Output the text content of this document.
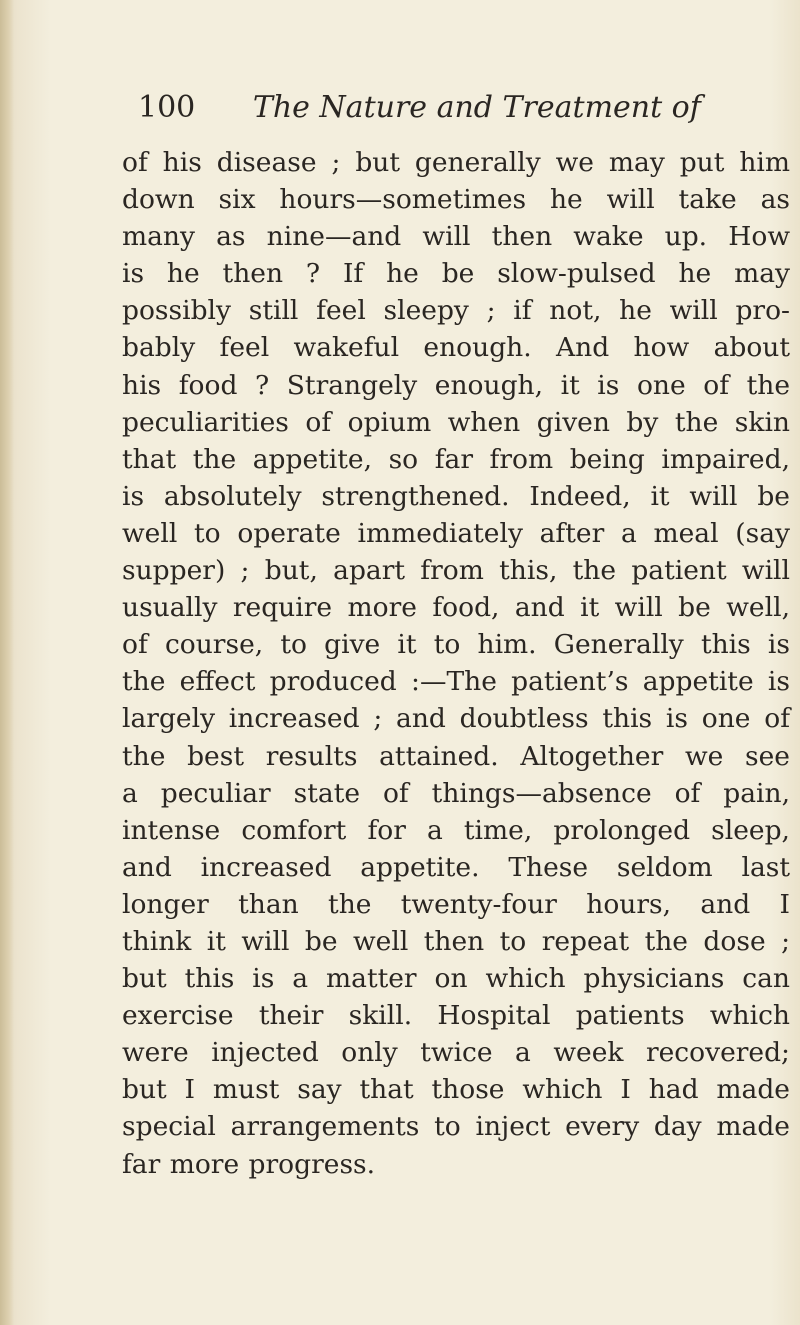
100 The Nature and Treatment of
of his disease ; but generally we may put him
down six hours—sometimes he will take as
many as nine—and will then wake up. How
is he then ? If he be slow-pulsed he may
possibly still feel sleepy ; if not, he will pro-
bably feel wakeful enough. And how about
his food ? Strangely enough, it is one of the
peculiarities of opium when given by the skin
that the appetite, so far from being impaired,
is absolutely strengthened. Indeed, it will be
well to operate immediately after a meal (say
supper) ; but, apart from this, the patient will
usually require more food, and it will be well,
of course, to give it to him. Generally this is
the effect produced :—The patient’s appetite is
largely increased ; and doubtless this is one of
the best results attained. Altogether we see
a peculiar state of things—absence of pain,
intense comfort for a time, prolonged sleep,
and increased appetite. These seldom last
longer than the twenty-four hours, and I
think it will be well then to repeat the dose ;
but this is a matter on which physicians can
exercise their skill. Hospital patients which
were injected only twice a week recovered;
but I must say that those which I had made
special arrangements to inject every day made
far more progress.
